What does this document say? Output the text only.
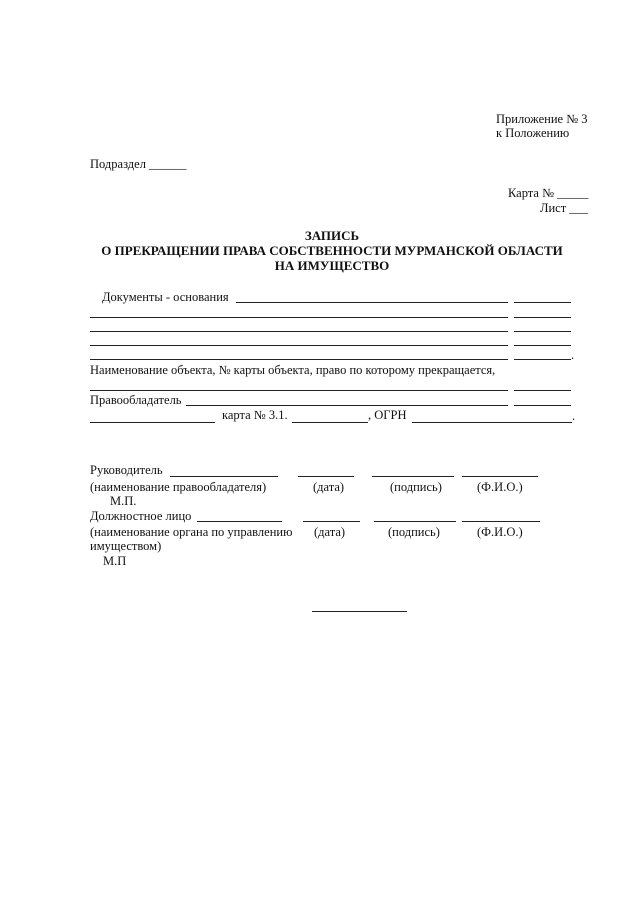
Приложение № 3
к Положению
Подраздел ______
Карта № _____
Лист ___
ЗАПИСЬ
О ПРЕКРАЩЕНИИ ПРАВА СОБСТВЕННОСТИ МУРМАНСКОЙ ОБЛАСТИ
НА ИМУЩЕСТВО
Документы - основания
.
Наименование объекта, № карты объекта, право по которому прекращается,
Правообладатель
карта № 3.1.	, ОГРН	.
Руководитель
(наименование правообладателя)	(дата)	(подпись)	(Ф.И.О.)
М.П.
Должностное лицо
(наименование органа по управлению (дата)	(подпись)	(Ф.И.О.)
имуществом)
М.П
